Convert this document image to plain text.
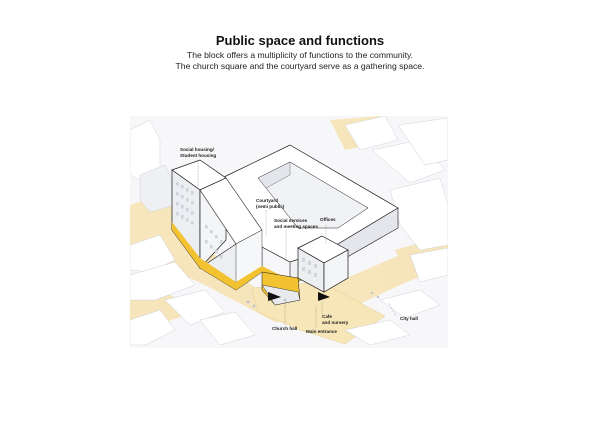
Public space and functions
The block offers a multiplicity of functions to the community.
The church square and the courtyard serve as a gathering space.
Social housing/
Student housing
Courtyard
(semi public)
Social services
and meeting spaces
Offices
Church hall
Cafe
and nursery
Main entrance
City hall
